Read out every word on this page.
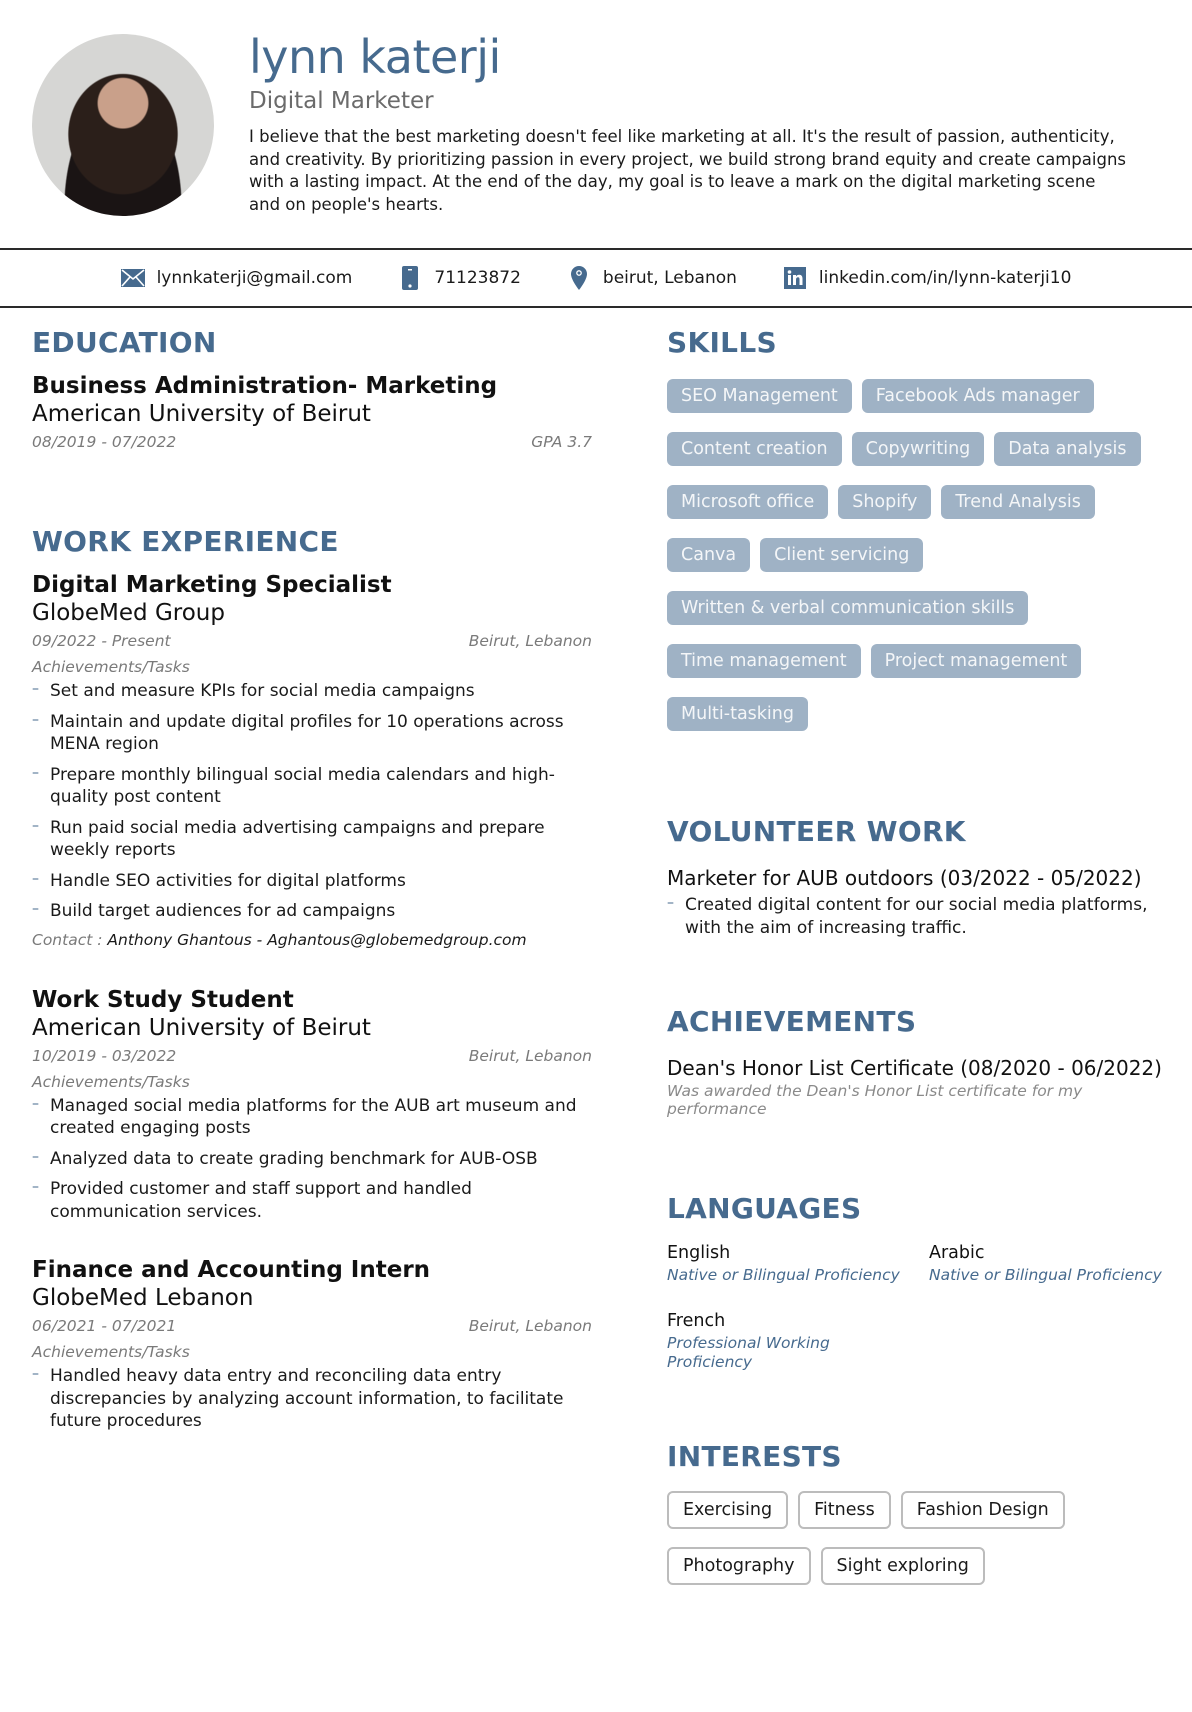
lynn katerji
Digital Marketer

I believe that the best marketing doesn't feel like marketing at all. It's the result of passion, authenticity, and creativity. By prioritizing passion in every project, we build strong brand equity and create campaigns with a lasting impact. At the end of the day, my goal is to leave a mark on the digital marketing scene and on people's hearts.

lynnkaterji@gmail.com	71123872	beirut, Lebanon	linkedin.com/in/lynn-katerji10
EDUCATION
Business Administration- Marketing
American University of Beirut
08/2019 - 07/2022	GPA 3.7
WORK EXPERIENCE
Digital Marketing Specialist
GlobeMed Group
09/2022 - Present	Beirut, Lebanon
Achievements/Tasks
– Set and measure KPIs for social media campaigns
– Maintain and update digital profiles for 10 operations across MENA region
– Prepare monthly bilingual social media calendars and high-quality post content
– Run paid social media advertising campaigns and prepare weekly reports
– Handle SEO activities for digital platforms
– Build target audiences for ad campaigns
Contact : Anthony Ghantous - Aghantous@globemedgroup.com
Work Study Student
American University of Beirut
10/2019 - 03/2022	Beirut, Lebanon
Achievements/Tasks
– Managed social media platforms for the AUB art museum and created engaging posts
– Analyzed data to create grading benchmark for AUB-OSB
– Provided customer and staff support and handled communication services.
Finance and Accounting Intern
GlobeMed Lebanon
06/2021 - 07/2021	Beirut, Lebanon
Achievements/Tasks
– Handled heavy data entry and reconciling data entry discrepancies by analyzing account information, to facilitate future procedures
SKILLS
SEO Management	Facebook Ads manager
Content creation	Copywriting	Data analysis
Microsoft office	Shopify	Trend Analysis
Canva	Client servicing
Written & verbal communication skills
Time management	Project management
Multi-tasking
VOLUNTEER WORK
Marketer for AUB outdoors (03/2022 - 05/2022)
– Created digital content for our social media platforms, with the aim of increasing traffic.
ACHIEVEMENTS
Dean's Honor List Certificate (08/2020 - 06/2022)
Was awarded the Dean's Honor List certificate for my performance
LANGUAGES
English
Native or Bilingual Proficiency
Arabic
Native or Bilingual Proficiency
French
Professional Working Proficiency
INTERESTS
Exercising	Fitness	Fashion Design
Photography	Sight exploring
